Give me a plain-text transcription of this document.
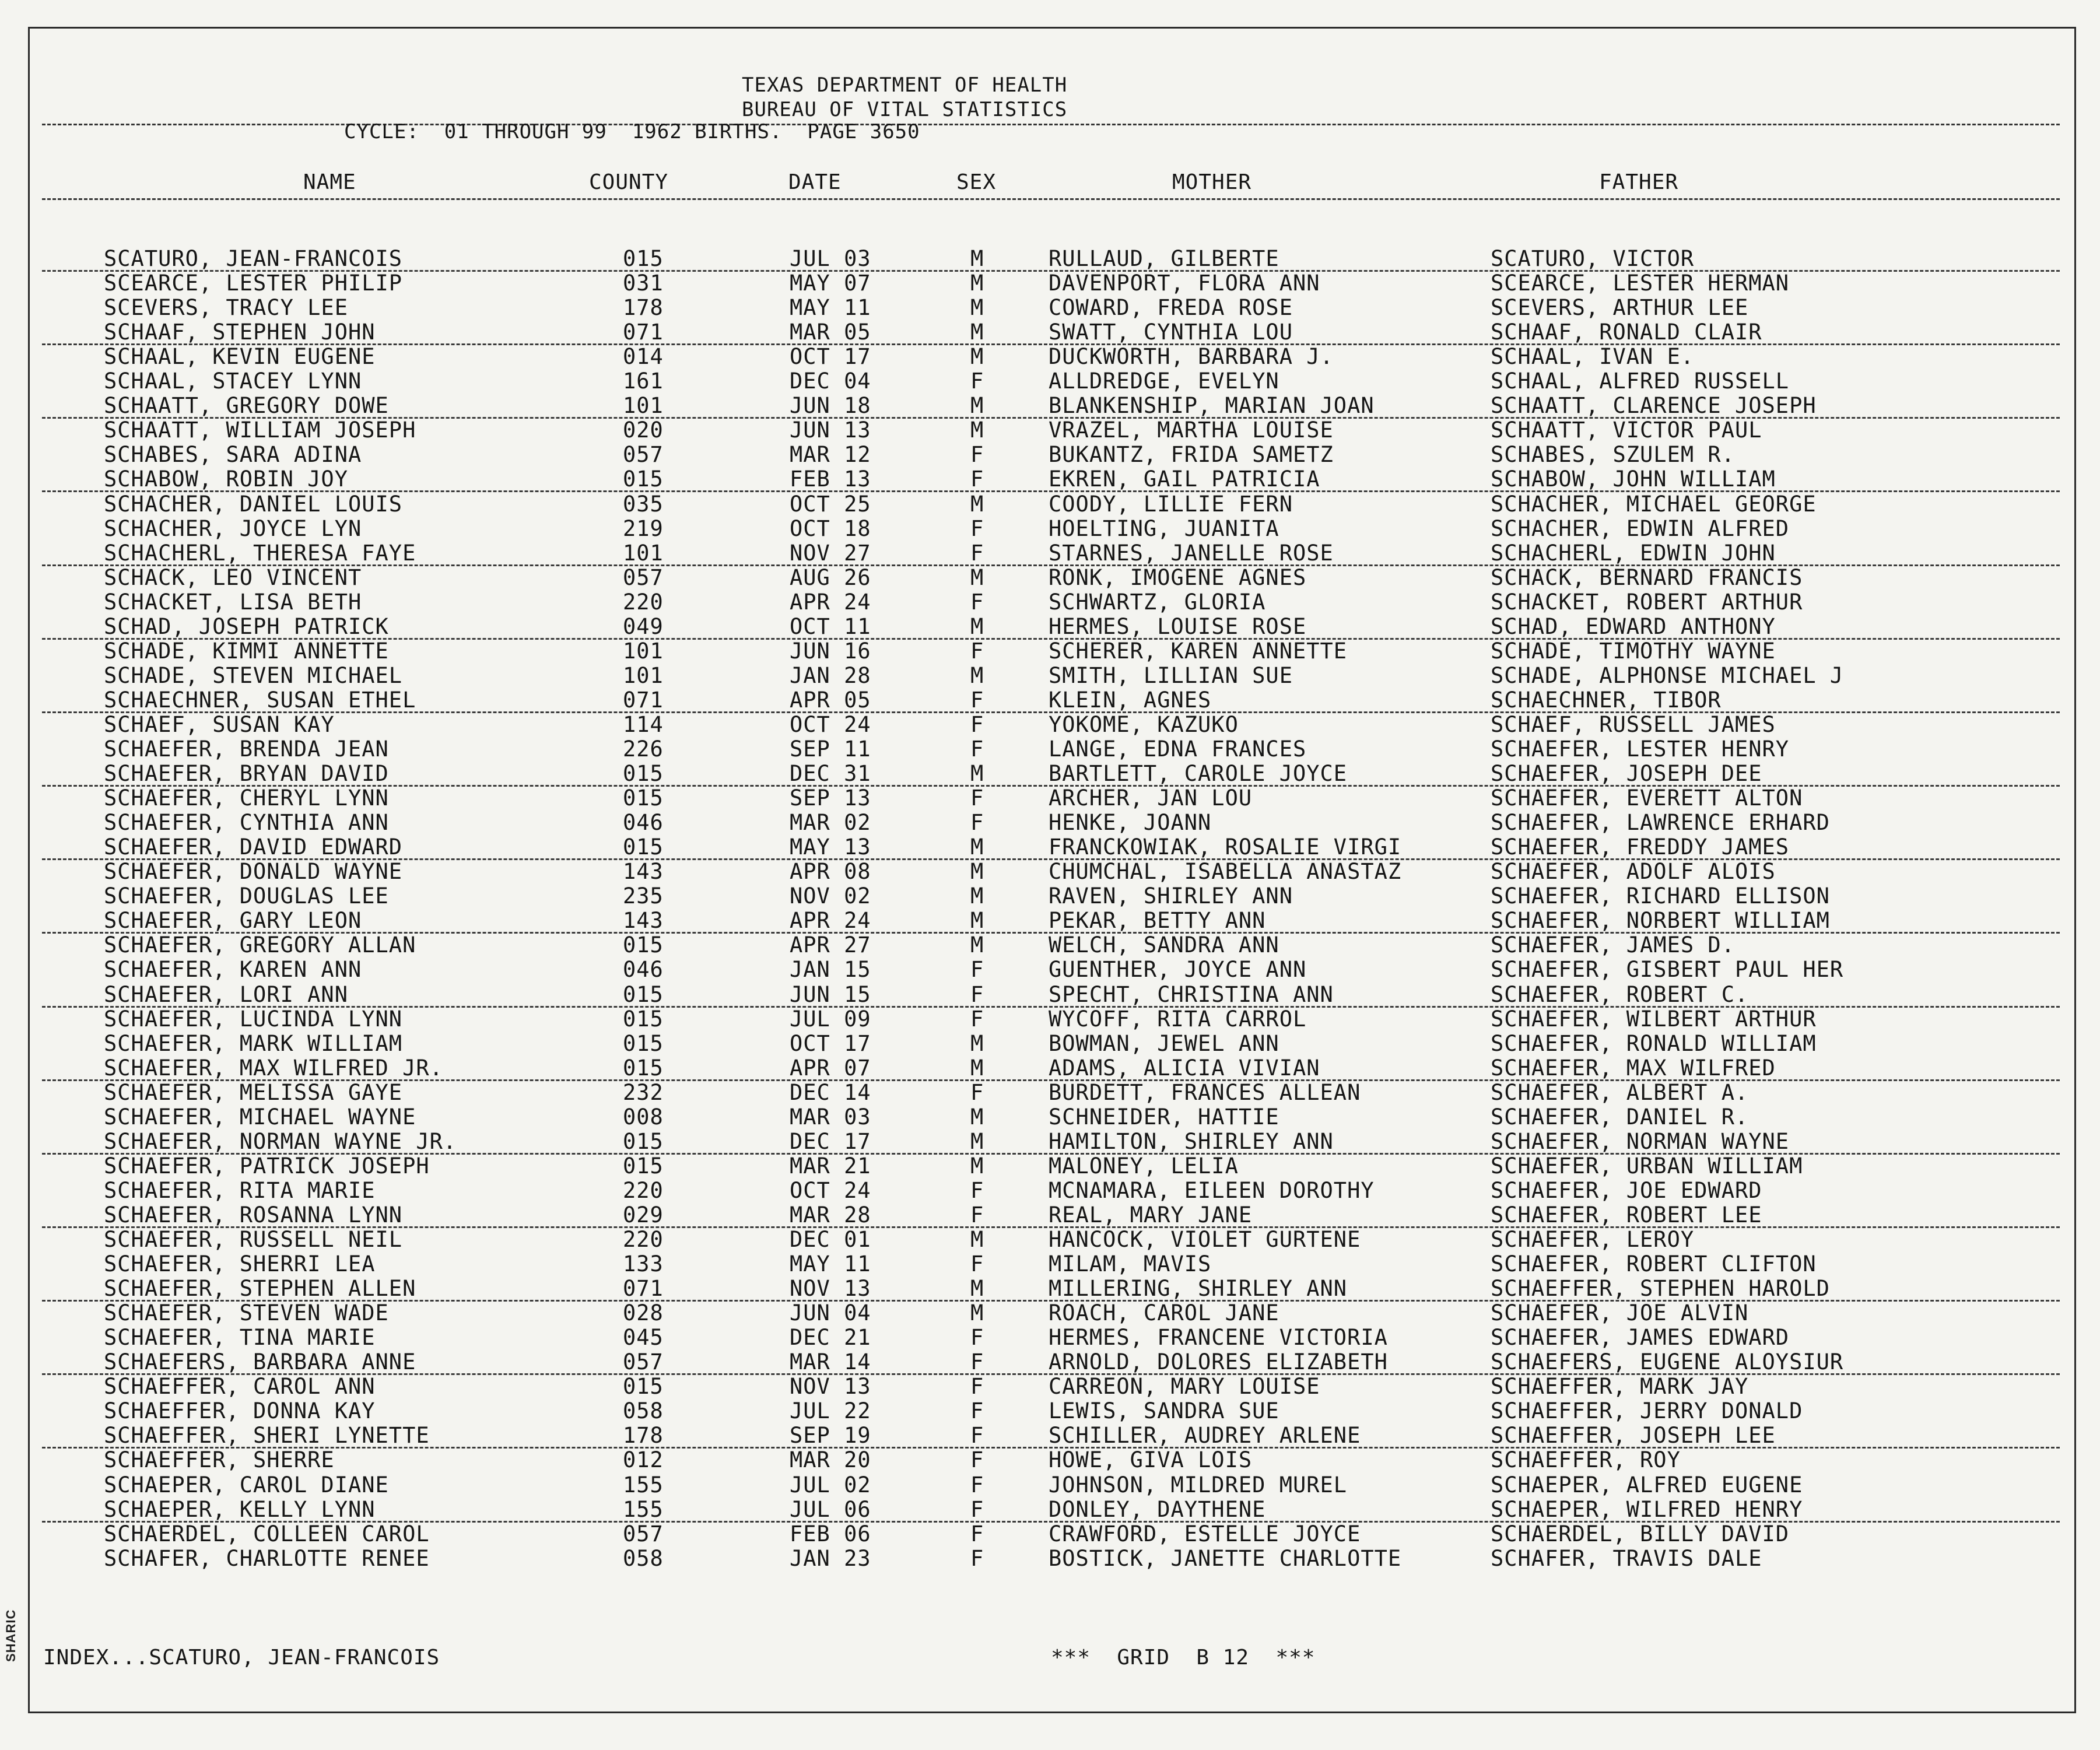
SHARIC
TEXAS DEPARTMENT OF HEALTH
BUREAU OF VITAL STATISTICS
CYCLE:  01 THROUGH 99  1962 BIRTHS.  PAGE 3650
NAME	COUNTY	DATE	SEX	MOTHER	FATHER
SCATURO, JEAN-FRANCOIS	015	JUL 03	M	RULLAUD, GILBERTE	SCATURO, VICTOR
SCEARCE, LESTER PHILIP	031	MAY 07	M	DAVENPORT, FLORA ANN	SCEARCE, LESTER HERMAN
SCEVERS, TRACY LEE	178	MAY 11	M	COWARD, FREDA ROSE	SCEVERS, ARTHUR LEE
SCHAAF, STEPHEN JOHN	071	MAR 05	M	SWATT, CYNTHIA LOU	SCHAAF, RONALD CLAIR
SCHAAL, KEVIN EUGENE	014	OCT 17	M	DUCKWORTH, BARBARA J.	SCHAAL, IVAN E.
SCHAAL, STACEY LYNN	161	DEC 04	F	ALLDREDGE, EVELYN	SCHAAL, ALFRED RUSSELL
SCHAATT, GREGORY DOWE	101	JUN 18	M	BLANKENSHIP, MARIAN JOAN	SCHAATT, CLARENCE JOSEPH
SCHAATT, WILLIAM JOSEPH	020	JUN 13	M	VRAZEL, MARTHA LOUISE	SCHAATT, VICTOR PAUL
SCHABES, SARA ADINA	057	MAR 12	F	BUKANTZ, FRIDA SAMETZ	SCHABES, SZULEM R.
SCHABOW, ROBIN JOY	015	FEB 13	F	EKREN, GAIL PATRICIA	SCHABOW, JOHN WILLIAM
SCHACHER, DANIEL LOUIS	035	OCT 25	M	COODY, LILLIE FERN	SCHACHER, MICHAEL GEORGE
SCHACHER, JOYCE LYN	219	OCT 18	F	HOELTING, JUANITA	SCHACHER, EDWIN ALFRED
SCHACHERL, THERESA FAYE	101	NOV 27	F	STARNES, JANELLE ROSE	SCHACHERL, EDWIN JOHN
SCHACK, LEO VINCENT	057	AUG 26	M	RONK, IMOGENE AGNES	SCHACK, BERNARD FRANCIS
SCHACKET, LISA BETH	220	APR 24	F	SCHWARTZ, GLORIA	SCHACKET, ROBERT ARTHUR
SCHAD, JOSEPH PATRICK	049	OCT 11	M	HERMES, LOUISE ROSE	SCHAD, EDWARD ANTHONY
SCHADE, KIMMI ANNETTE	101	JUN 16	F	SCHERER, KAREN ANNETTE	SCHADE, TIMOTHY WAYNE
SCHADE, STEVEN MICHAEL	101	JAN 28	M	SMITH, LILLIAN SUE	SCHADE, ALPHONSE MICHAEL J
SCHAECHNER, SUSAN ETHEL	071	APR 05	F	KLEIN, AGNES	SCHAECHNER, TIBOR
SCHAEF, SUSAN KAY	114	OCT 24	F	YOKOME, KAZUKO	SCHAEF, RUSSELL JAMES
SCHAEFER, BRENDA JEAN	226	SEP 11	F	LANGE, EDNA FRANCES	SCHAEFER, LESTER HENRY
SCHAEFER, BRYAN DAVID	015	DEC 31	M	BARTLETT, CAROLE JOYCE	SCHAEFER, JOSEPH DEE
SCHAEFER, CHERYL LYNN	015	SEP 13	F	ARCHER, JAN LOU	SCHAEFER, EVERETT ALTON
SCHAEFER, CYNTHIA ANN	046	MAR 02	F	HENKE, JOANN	SCHAEFER, LAWRENCE ERHARD
SCHAEFER, DAVID EDWARD	015	MAY 13	M	FRANCKOWIAK, ROSALIE VIRGI	SCHAEFER, FREDDY JAMES
SCHAEFER, DONALD WAYNE	143	APR 08	M	CHUMCHAL, ISABELLA ANASTAZ	SCHAEFER, ADOLF ALOIS
SCHAEFER, DOUGLAS LEE	235	NOV 02	M	RAVEN, SHIRLEY ANN	SCHAEFER, RICHARD ELLISON
SCHAEFER, GARY LEON	143	APR 24	M	PEKAR, BETTY ANN	SCHAEFER, NORBERT WILLIAM
SCHAEFER, GREGORY ALLAN	015	APR 27	M	WELCH, SANDRA ANN	SCHAEFER, JAMES D.
SCHAEFER, KAREN ANN	046	JAN 15	F	GUENTHER, JOYCE ANN	SCHAEFER, GISBERT PAUL HER
SCHAEFER, LORI ANN	015	JUN 15	F	SPECHT, CHRISTINA ANN	SCHAEFER, ROBERT C.
SCHAEFER, LUCINDA LYNN	015	JUL 09	F	WYCOFF, RITA CARROL	SCHAEFER, WILBERT ARTHUR
SCHAEFER, MARK WILLIAM	015	OCT 17	M	BOWMAN, JEWEL ANN	SCHAEFER, RONALD WILLIAM
SCHAEFER, MAX WILFRED JR.	015	APR 07	M	ADAMS, ALICIA VIVIAN	SCHAEFER, MAX WILFRED
SCHAEFER, MELISSA GAYE	232	DEC 14	F	BURDETT, FRANCES ALLEAN	SCHAEFER, ALBERT A.
SCHAEFER, MICHAEL WAYNE	008	MAR 03	M	SCHNEIDER, HATTIE	SCHAEFER, DANIEL R.
SCHAEFER, NORMAN WAYNE JR.	015	DEC 17	M	HAMILTON, SHIRLEY ANN	SCHAEFER, NORMAN WAYNE
SCHAEFER, PATRICK JOSEPH	015	MAR 21	M	MALONEY, LELIA	SCHAEFER, URBAN WILLIAM
SCHAEFER, RITA MARIE	220	OCT 24	F	MCNAMARA, EILEEN DOROTHY	SCHAEFER, JOE EDWARD
SCHAEFER, ROSANNA LYNN	029	MAR 28	F	REAL, MARY JANE	SCHAEFER, ROBERT LEE
SCHAEFER, RUSSELL NEIL	220	DEC 01	M	HANCOCK, VIOLET GURTENE	SCHAEFER, LEROY
SCHAEFER, SHERRI LEA	133	MAY 11	F	MILAM, MAVIS	SCHAEFER, ROBERT CLIFTON
SCHAEFER, STEPHEN ALLEN	071	NOV 13	M	MILLERING, SHIRLEY ANN	SCHAEFFER, STEPHEN HAROLD
SCHAEFER, STEVEN WADE	028	JUN 04	M	ROACH, CAROL JANE	SCHAEFER, JOE ALVIN
SCHAEFER, TINA MARIE	045	DEC 21	F	HERMES, FRANCENE VICTORIA	SCHAEFER, JAMES EDWARD
SCHAEFERS, BARBARA ANNE	057	MAR 14	F	ARNOLD, DOLORES ELIZABETH	SCHAEFERS, EUGENE ALOYSIUR
SCHAEFFER, CAROL ANN	015	NOV 13	F	CARREON, MARY LOUISE	SCHAEFFER, MARK JAY
SCHAEFFER, DONNA KAY	058	JUL 22	F	LEWIS, SANDRA SUE	SCHAEFFER, JERRY DONALD
SCHAEFFER, SHERI LYNETTE	178	SEP 19	F	SCHILLER, AUDREY ARLENE	SCHAEFFER, JOSEPH LEE
SCHAEFFER, SHERRE	012	MAR 20	F	HOWE, GIVA LOIS	SCHAEFFER, ROY
SCHAEPER, CAROL DIANE	155	JUL 02	F	JOHNSON, MILDRED MUREL	SCHAEPER, ALFRED EUGENE
SCHAEPER, KELLY LYNN	155	JUL 06	F	DONLEY, DAYTHENE	SCHAEPER, WILFRED HENRY
SCHAERDEL, COLLEEN CAROL	057	FEB 06	F	CRAWFORD, ESTELLE JOYCE	SCHAERDEL, BILLY DAVID
SCHAFER, CHARLOTTE RENEE	058	JAN 23	F	BOSTICK, JANETTE CHARLOTTE	SCHAFER, TRAVIS DALE
INDEX...SCATURO, JEAN-FRANCOIS	***  GRID  B 12  ***
